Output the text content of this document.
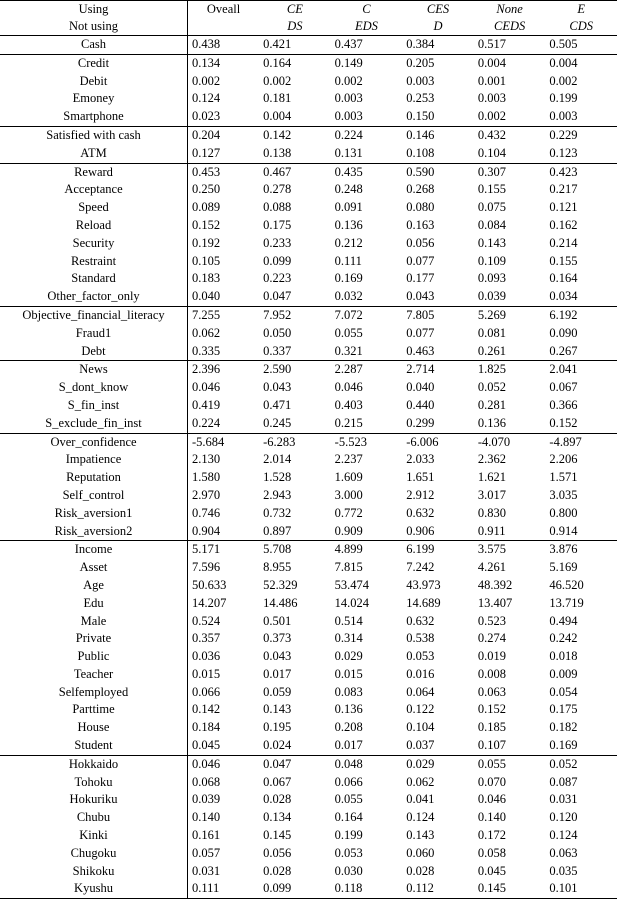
Using	Oveall	CE	C	CES	None	E
Not using		DS	EDS	D	CEDS	CDS
Cash	0.438	0.421	0.437	0.384	0.517	0.505
Credit	0.134	0.164	0.149	0.205	0.004	0.004
Debit	0.002	0.002	0.002	0.003	0.001	0.002
Emoney	0.124	0.181	0.003	0.253	0.003	0.199
Smartphone	0.023	0.004	0.003	0.150	0.002	0.003
Satisfied with cash	0.204	0.142	0.224	0.146	0.432	0.229
ATM	0.127	0.138	0.131	0.108	0.104	0.123
Reward	0.453	0.467	0.435	0.590	0.307	0.423
Acceptance	0.250	0.278	0.248	0.268	0.155	0.217
Speed	0.089	0.088	0.091	0.080	0.075	0.121
Reload	0.152	0.175	0.136	0.163	0.084	0.162
Security	0.192	0.233	0.212	0.056	0.143	0.214
Restraint	0.105	0.099	0.111	0.077	0.109	0.155
Standard	0.183	0.223	0.169	0.177	0.093	0.164
Other_factor_only	0.040	0.047	0.032	0.043	0.039	0.034
Objective_financial_literacy	7.255	7.952	7.072	7.805	5.269	6.192
Fraud1	0.062	0.050	0.055	0.077	0.081	0.090
Debt	0.335	0.337	0.321	0.463	0.261	0.267
News	2.396	2.590	2.287	2.714	1.825	2.041
S_dont_know	0.046	0.043	0.046	0.040	0.052	0.067
S_fin_inst	0.419	0.471	0.403	0.440	0.281	0.366
S_exclude_fin_inst	0.224	0.245	0.215	0.299	0.136	0.152
Over_confidence	-5.684	-6.283	-5.523	-6.006	-4.070	-4.897
Impatience	2.130	2.014	2.237	2.033	2.362	2.206
Reputation	1.580	1.528	1.609	1.651	1.621	1.571
Self_control	2.970	2.943	3.000	2.912	3.017	3.035
Risk_aversion1	0.746	0.732	0.772	0.632	0.830	0.800
Risk_aversion2	0.904	0.897	0.909	0.906	0.911	0.914
Income	5.171	5.708	4.899	6.199	3.575	3.876
Asset	7.596	8.955	7.815	7.242	4.261	5.169
Age	50.633	52.329	53.474	43.973	48.392	46.520
Edu	14.207	14.486	14.024	14.689	13.407	13.719
Male	0.524	0.501	0.514	0.632	0.523	0.494
Private	0.357	0.373	0.314	0.538	0.274	0.242
Public	0.036	0.043	0.029	0.053	0.019	0.018
Teacher	0.015	0.017	0.015	0.016	0.008	0.009
Selfemployed	0.066	0.059	0.083	0.064	0.063	0.054
Parttime	0.142	0.143	0.136	0.122	0.152	0.175
House	0.184	0.195	0.208	0.104	0.185	0.182
Student	0.045	0.024	0.017	0.037	0.107	0.169
Hokkaido	0.046	0.047	0.048	0.029	0.055	0.052
Tohoku	0.068	0.067	0.066	0.062	0.070	0.087
Hokuriku	0.039	0.028	0.055	0.041	0.046	0.031
Chubu	0.140	0.134	0.164	0.124	0.140	0.120
Kinki	0.161	0.145	0.199	0.143	0.172	0.124
Chugoku	0.057	0.056	0.053	0.060	0.058	0.063
Shikoku	0.031	0.028	0.030	0.028	0.045	0.035
Kyushu	0.111	0.099	0.118	0.112	0.145	0.101
